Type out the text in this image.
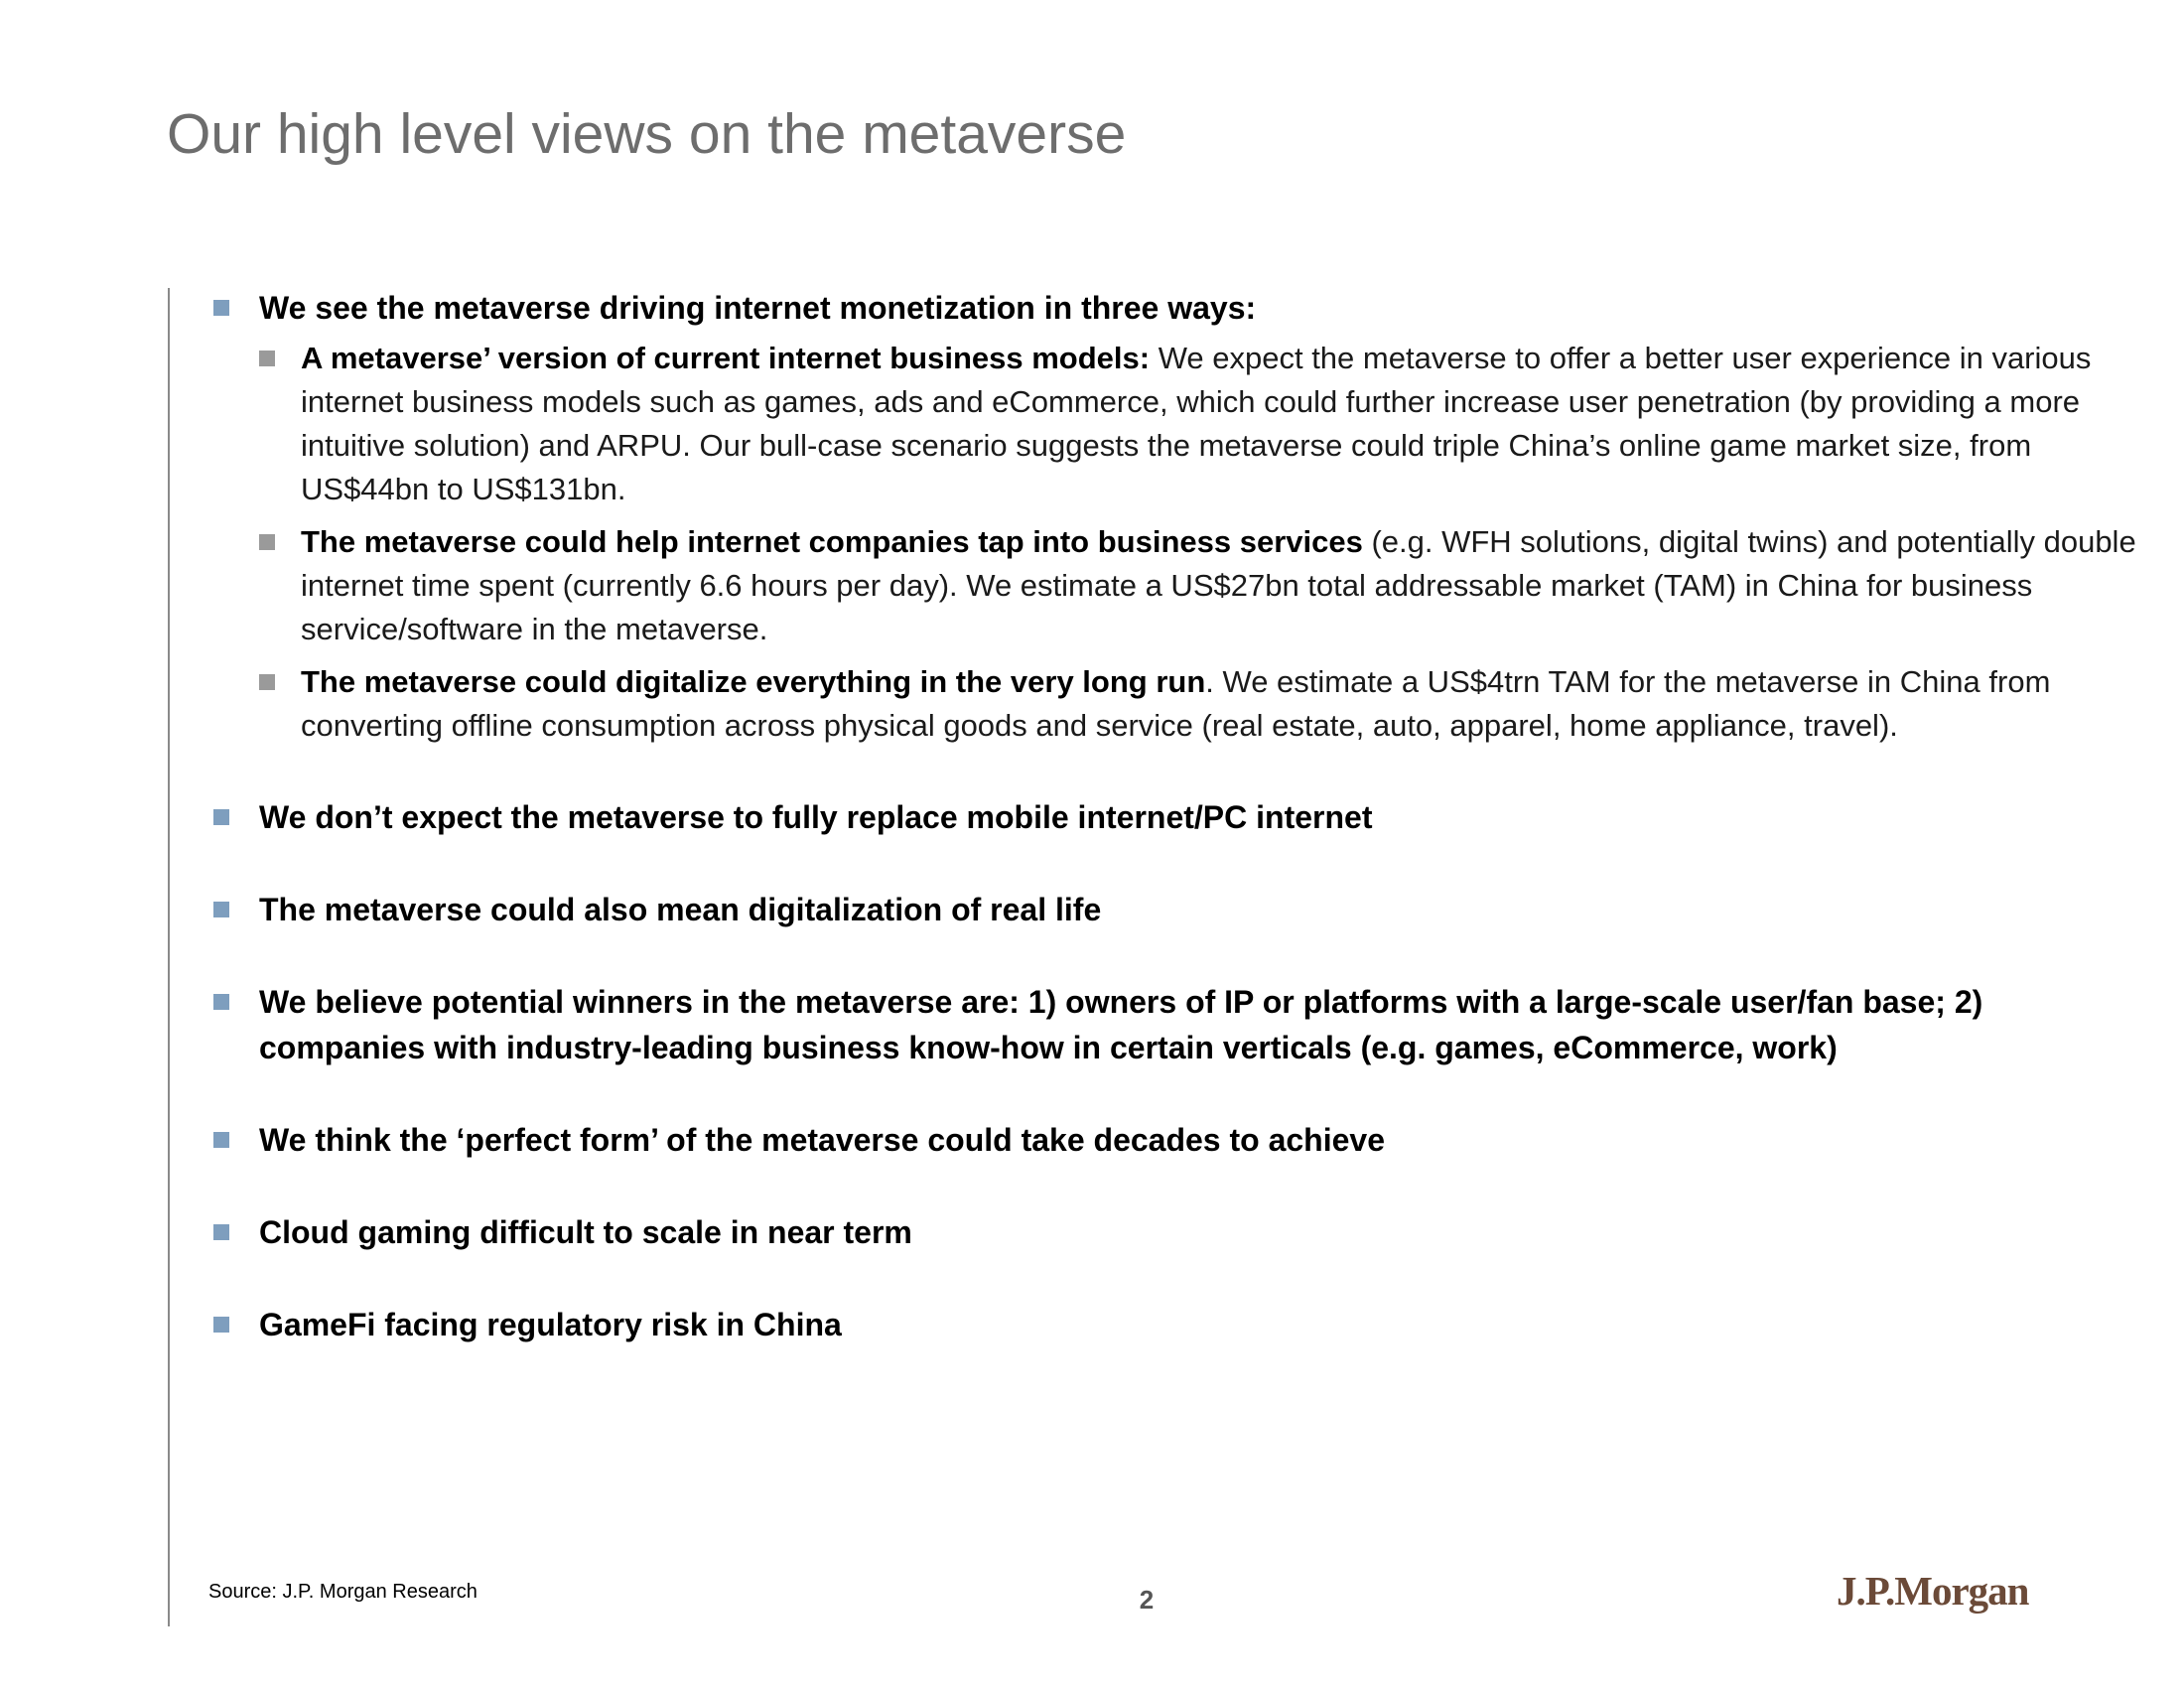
Our high level views on the metaverse
We see the metaverse driving internet monetization in three ways:
A metaverse’ version of current internet business models: We expect the metaverse to offer a better user experience in various internet business models such as games, ads and eCommerce, which could further increase user penetration (by providing a more intuitive solution) and ARPU. Our bull-case scenario suggests the metaverse could triple China’s online game market size, from US$44bn to US$131bn.
The metaverse could help internet companies tap into business services (e.g. WFH solutions, digital twins) and potentially double internet time spent (currently 6.6 hours per day). We estimate a US$27bn total addressable market (TAM) in China for business service/software in the metaverse.
The metaverse could digitalize everything in the very long run. We estimate a US$4trn TAM for the metaverse in China from converting offline consumption across physical goods and service (real estate, auto, apparel, home appliance, travel).
We don’t expect the metaverse to fully replace mobile internet/PC internet
The metaverse could also mean digitalization of real life
We believe potential winners in the metaverse are: 1) owners of IP or platforms with a large-scale user/fan base; 2) companies with industry-leading business know-how in certain verticals (e.g. games, eCommerce, work)
We think the ‘perfect form’ of the metaverse could take decades to achieve
Cloud gaming difficult to scale in near term
GameFi facing regulatory risk in China
Source: J.P. Morgan Research	2	J.P.Morgan
